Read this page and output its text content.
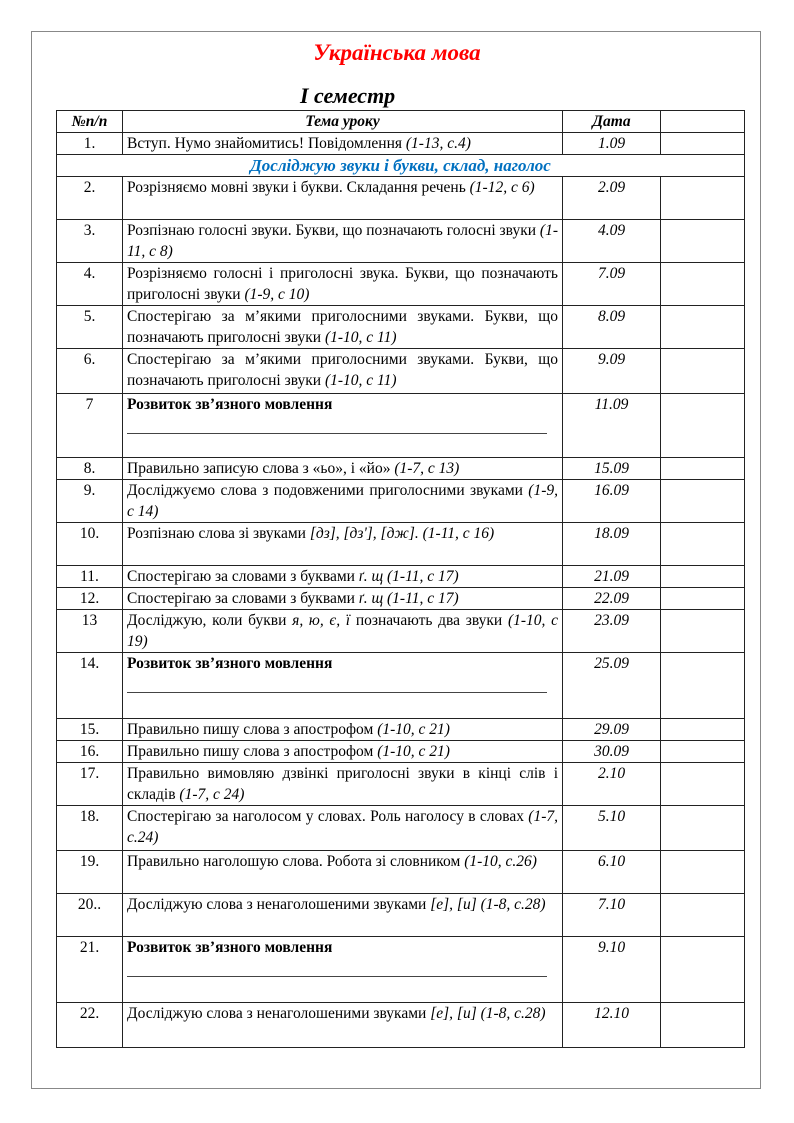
Українська мова
І семестр
№п/п	Тема уроку	Дата	
1.	Вступ. Нумо знайомитись! Повідомлення (1-13, с.4)	1.09	
Досліджую звуки і букви, склад, наголос			
2.	Розрізняємо мовні звуки і букви. Складання речень (1-12, с 6)	2.09	
3.	Розпізнаю голосні звуки. Букви, що позначають голосні звуки (1-11, с 8)	4.09	
4.	Розрізняємо голосні і приголосні звука. Букви, що позначають приголосні звуки (1-9, с 10)	7.09	
5.	Спостерігаю за м’якими приголосними звуками. Букви, що позначають приголосні звуки (1-10, с 11)	8.09	
6.	Спостерігаю за м’якими приголосними звуками. Букви, що позначають приголосні звуки (1-10, с 11)	9.09	
7	Розвиток зв’язного мовлення	11.09	
8.	Правильно записую слова з «ьо», і «йо» (1-7, с 13)	15.09	
9.	Досліджуємо слова з подовженими приголосними звуками (1-9, с 14)	16.09	
10.	Розпізнаю слова зі звуками [дз], [дз'], [дж]. (1-11, с 16)	18.09	
11.	Спостерігаю за словами з буквами ґ. щ (1-11, с 17)	21.09	
12.	Спостерігаю за словами з буквами ґ. щ (1-11, с 17)	22.09	
13	Досліджую, коли букви я, ю, є, ї позначають два звуки (1-10, с 19)	23.09	
14.	Розвиток зв’язного мовлення	25.09	
15.	Правильно пишу слова з апострофом (1-10, с 21)	29.09	
16.	Правильно пишу слова з апострофом (1-10, с 21)	30.09	
17.	Правильно вимовляю дзвінкі приголосні звуки в кінці слів і складів (1-7, с 24)	2.10	
18.	Спостерігаю за наголосом у словах. Роль наголосу в словах (1-7, с.24)	5.10	
19.	Правильно наголошую слова. Робота зі словником (1-10, с.26)	6.10	
20..	Досліджую слова з ненаголошеними звуками [е], [и] (1-8, с.28)	7.10	
21.	Розвиток зв’язного мовлення	9.10	
22.	Досліджую слова з ненаголошеними звуками [е], [и] (1-8, с.28)	12.10	
